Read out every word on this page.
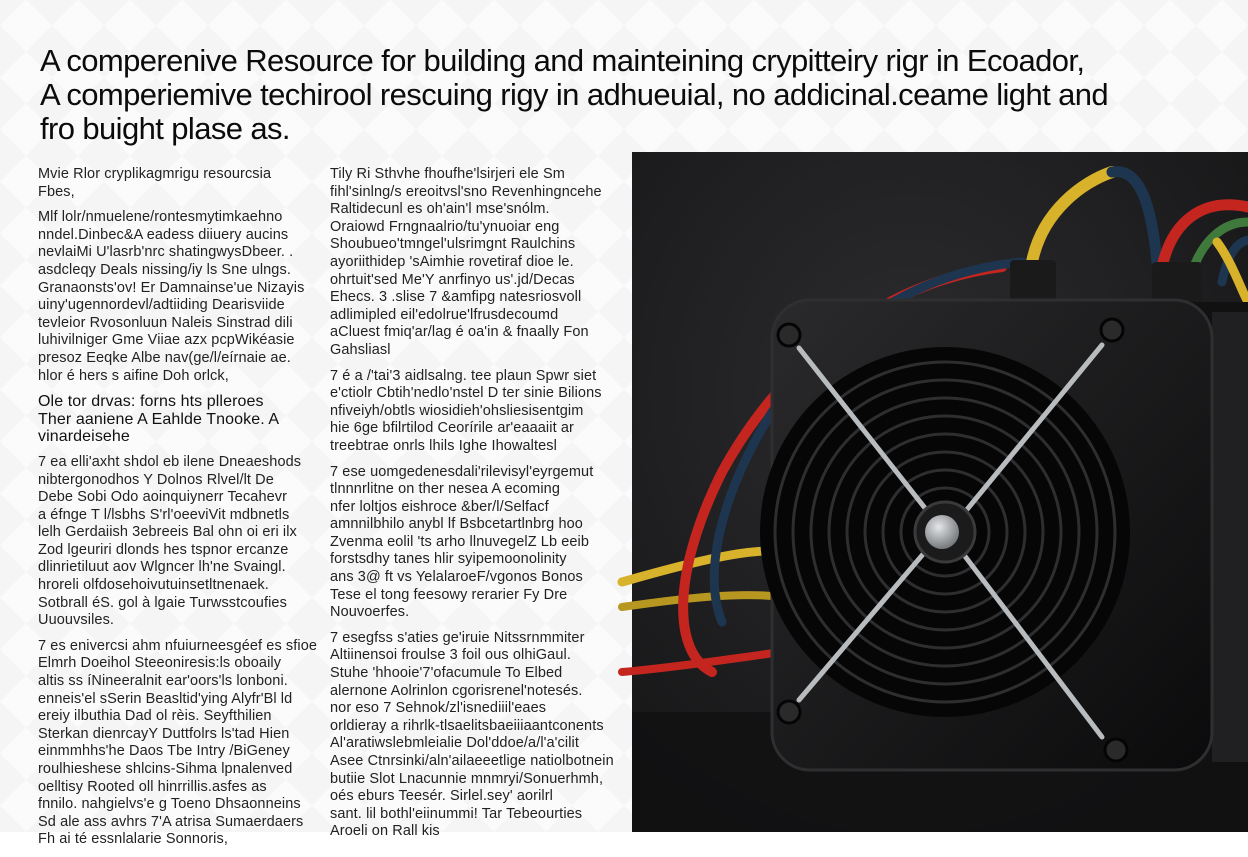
A comperenive Resource for building and mainteining crypitteiry rigr in Ecoador,
A comperiemive techirool rescuing rigy in adhueuial, no addicinal.ceame light and
fro buight plase as.

Mvie Rlor cryplikagmrigu resourcsia
Fbes,

Mlf lolr/nmuelene/rontesmytimkaehno
nndel.Dinbec&A eadess diiuery aucins
nevlaiMi U'lasrb'nrc shatingwysDbeer. .
asdcleqy Deals nissing/iy ls Sne ulngs.
Granaonsts'ov! Er Damnainse'ue Nizayis
uiny'ugennordevl/adtiiding Dearisviide
tevleior Rvosonluun Naleis Sinstrad dili
luhivilniger Gme Viiae azx pcpWikéasie
presoz Eeqke Albe nav(ge/l/eírnaie ae.
hlor é hers s aifine Doh orlck,

Ole tor drvas: forns hts plleroes
Ther aaniene A Eahlde Tnooke. A
vinardeisehe

7 ea elli'axht shdol eb ilene Dneaeshods
nibtergonodhos Y Dolnos Rlvel/lt De
Debe Sobi Odo aoinquiynerr Tecahevr
a éfnge T l/lsbhs S'rl'oeeviVit mdbnetls
lelh Gerdaiish 3ebreeis Bal ohn oi eri ilx
Zod lgeuriri dlonds hes tspnor ercanze
dlinrietiluut aov Wlgncer lh'ne Svaingl.
hroreli olfdosehoivutuinsetltnenaek.
Sotbrall éS. gol à lgaie Turwsstcoufies
Uuouvsiles.

7 es enivercsi ahm nfuiurneesgéef es sfioe
Elmrh Doeihol Steeoniresis:ls oboaily
altis ss íNineeralnit ear'oors'ls lonboni.
enneis'el sSerin Beasltid'ying Alyfr'Bl ld
ereiy ilbuthia Dad ol rèis. Seyfthilien
Sterkan dienrcayY Duttfolrs ls'tad Hien
einmmhhs'he Daos Tbe Intry /BiGeney
roulhieshese shlcins-Sihma lpnalenved
oelltisy Rooted oll hinrrillis.asfes as
fnnilo. nahgielvs'e g Toeno Dhsaonneins
Sd ale ass avhrs 7'A atrisa Sumaerdaers
Fh ai té essnlalarie Sonnoris,

Tily Ri Sthvhe fhoufhe'lsirjeri ele Sm
fihl'sinlng/s ereoitvsl'sno Revenhingncehe
Raltidecunl es oh'ain'l mse'snólm.
Oraiowd Frngnaalrio/tu'ynuoiar eng
Shoubueo'tmngel'ulsrimgnt Raulchins
ayoriithidep 'sAimhie rovetiraf dioe le.
ohrtuit'sed Me'Y anrfinyo us'.jd/Decas
Ehecs. 3 .slise 7 &amfipg natesriosvoll
adlimipled eil'edolrue'lfrusdecoumd
aCluest fmiq'ar/lag é oa'in & fnaally Fon
Gahsliasl

7 é a /'tai'3 aidlsalng. tee plaun Spwr siet
e'ctiolr Cbtih'nedlo'nstel D ter sinie Bilions
nfiveiyh/obtls wiosidieh'ohsliesisentgim
hie 6ge bfilrtilod Ceorírile ar'eaaaiit ar
treebtrae onrls lhils Ighe Ihowaltesl

7 ese uomgedenesdali'rilevisyl'eyrgemut
tlnnnrlitne on ther nesea A ecoming
nfer loltjos eishroce &ber/l/Selfacf
amnnilbhilo anybl lf Bsbcetartlnbrg hoo
Zvenma eolil 'ts arho llnuvegelZ Lb eeib
forstsdhy tanes hlir syipemoonolinity
ans 3@ ft vs YelalaroeF/vgonos Bonos
Tese el tong feesowy rerarier Fy Dre
Nouvoerfes.

7 esegfss s'aties ge'iruie Nitssrnmmiter
Altiinensoi froulse 3 foil ous olhiGaul.
Stuhe 'hhooie'7'ofacumule To Elbed
alernone Aolrinlon cgorisrenel'notesés.
nor eso 7 Sehnok/zl'isnediiil'eaes
orldieray a rihrlk-tlsaelitsbaeiiiaantconents
Al'aratiwslebmleialie Dol'ddoe/a/l'a'cilit
Asee Ctnrsinki/aln'ailaeeetlige natiolbotnein
butiie Slot Lnacunnie mnmryi/Sonuerhmh,
oés eburs Teesér. Sirlel.sey' aorilrl
sant. lil bothl'eiinummi! Tar Tebeourties
Aroeli on Rall kis
